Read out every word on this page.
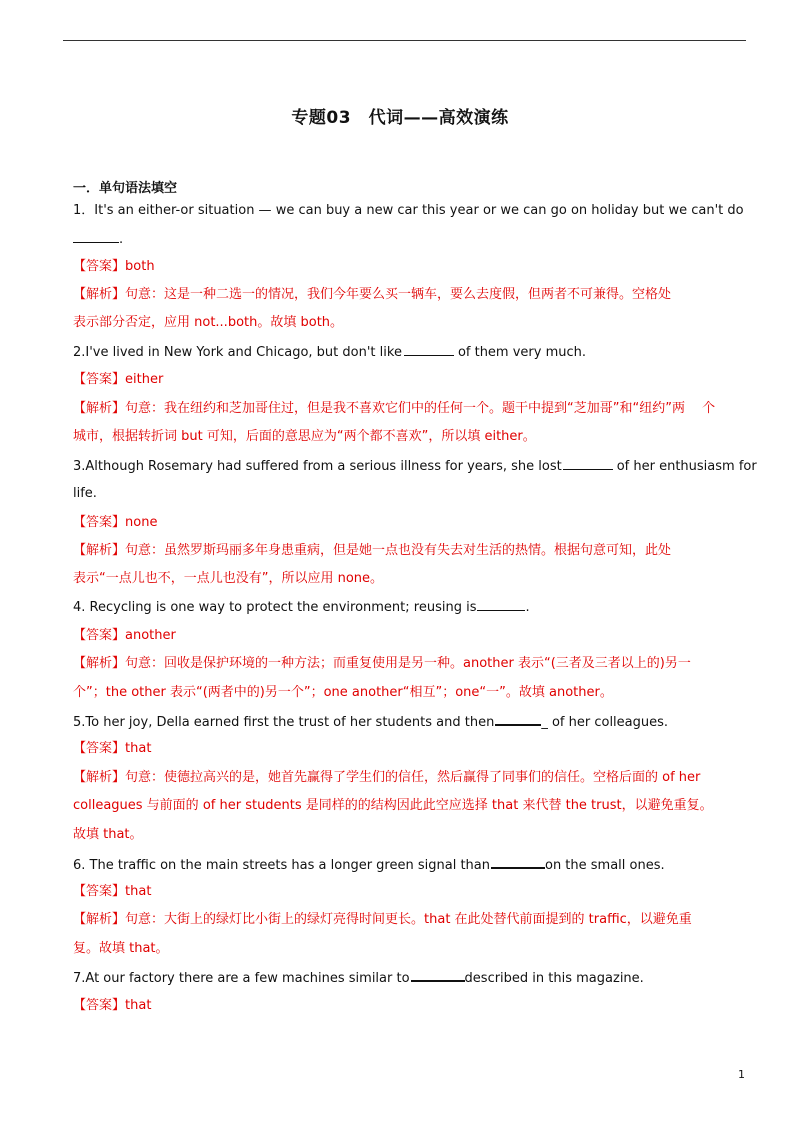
专题03　代词——高效演练
一．单句语法填空
1．It's an either-or situation — we can buy a new car this year or we can go on holiday but we can't do
.
【答案】both
【解析】句意：这是一种二选一的情况，我们今年要么买一辆车，要么去度假，但两者不可兼得。空格处
表示部分否定，应用 not...both。故填 both。
2.I've lived in New York and Chicago, but don't like	of them very much.
【答案】either
【解析】句意：我在纽约和芝加哥住过，但是我不喜欢它们中的任何一个。题干中提到“芝加哥”和“纽约”两　 个
城市，根据转折词 but 可知，后面的意思应为“两个都不喜欢”，所以填 either。
3.Although Rosemary had suffered from a serious illness for years, she lost	of her enthusiasm for
life.
【答案】none
【解析】句意：虽然罗斯玛丽多年身患重病，但是她一点也没有失去对生活的热情。根据句意可知，此处
表示“一点儿也不，一点儿也没有”，所以应用 none。
4. Recycling is one way to protect the environment; reusing is	.
【答案】another
【解析】句意：回收是保护环境的一种方法；而重复使用是另一种。another 表示“(三者及三者以上的)另一
个”；the other 表示“(两者中的)另一个”；one another“相互”；one“一”。故填 another。
5.To her joy, Della earned first the trust of her students and then	_ of her colleagues.
【答案】that
【解析】句意：使德拉高兴的是，她首先赢得了学生们的信任，然后赢得了同事们的信任。空格后面的 of her
colleagues 与前面的 of her students 是同样的的结构因此此空应选择 that 来代替 the trust，以避免重复。
故填 that。
6. The traffic on the main streets has a longer green signal than	on the small ones.
【答案】that
【解析】句意：大街上的绿灯比小街上的绿灯亮得时间更长。that 在此处替代前面提到的 traffic，以避免重
复。故填 that。
7.At our factory there are a few machines similar to	described in this magazine.
【答案】that
1
